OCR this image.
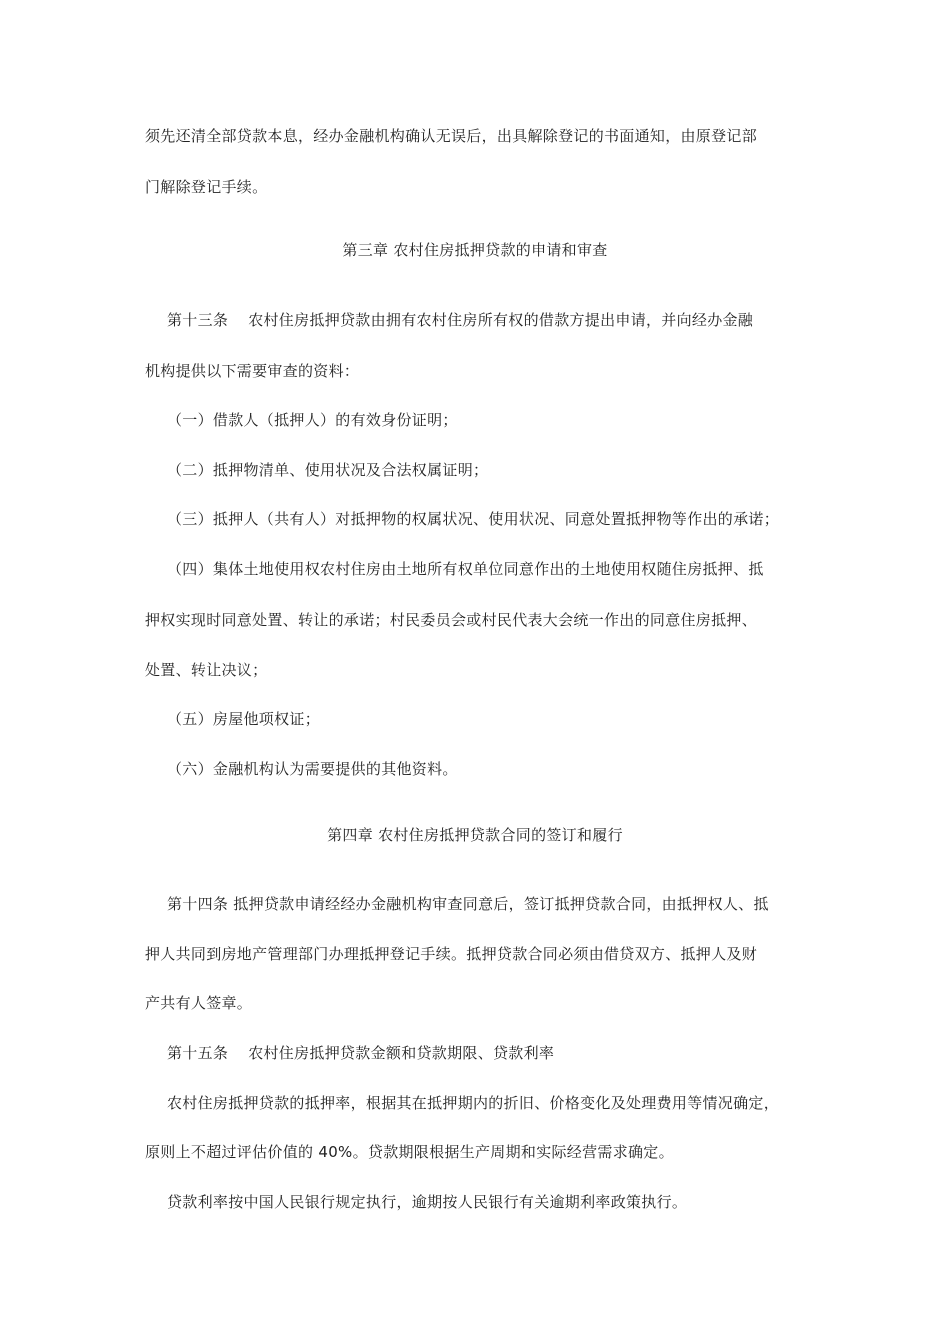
须先还清全部贷款本息，经办金融机构确认无误后，出具解除登记的书面通知，由原登记部
门解除登记手续。
第三章 农村住房抵押贷款的申请和审查
第十三条 农村住房抵押贷款由拥有农村住房所有权的借款方提出申请，并向经办金融
机构提供以下需要审查的资料：
（一）借款人（抵押人）的有效身份证明；
（二）抵押物清单、使用状况及合法权属证明；
（三）抵押人（共有人）对抵押物的权属状况、使用状况、同意处置抵押物等作出的承诺；
（四）集体土地使用权农村住房由土地所有权单位同意作出的土地使用权随住房抵押、抵
押权实现时同意处置、转让的承诺；村民委员会或村民代表大会统一作出的同意住房抵押、
处置、转让决议；
（五）房屋他项权证；
（六）金融机构认为需要提供的其他资料。
第四章 农村住房抵押贷款合同的签订和履行
第十四条 抵押贷款申请经经办金融机构审查同意后，签订抵押贷款合同，由抵押权人、抵
押人共同到房地产管理部门办理抵押登记手续。抵押贷款合同必须由借贷双方、抵押人及财
产共有人签章。
第十五条 农村住房抵押贷款金额和贷款期限、贷款利率
农村住房抵押贷款的抵押率，根据其在抵押期内的折旧、价格变化及处理费用等情况确定，
原则上不超过评估价值的 40%。贷款期限根据生产周期和实际经营需求确定。
贷款利率按中国人民银行规定执行，逾期按人民银行有关逾期利率政策执行。
